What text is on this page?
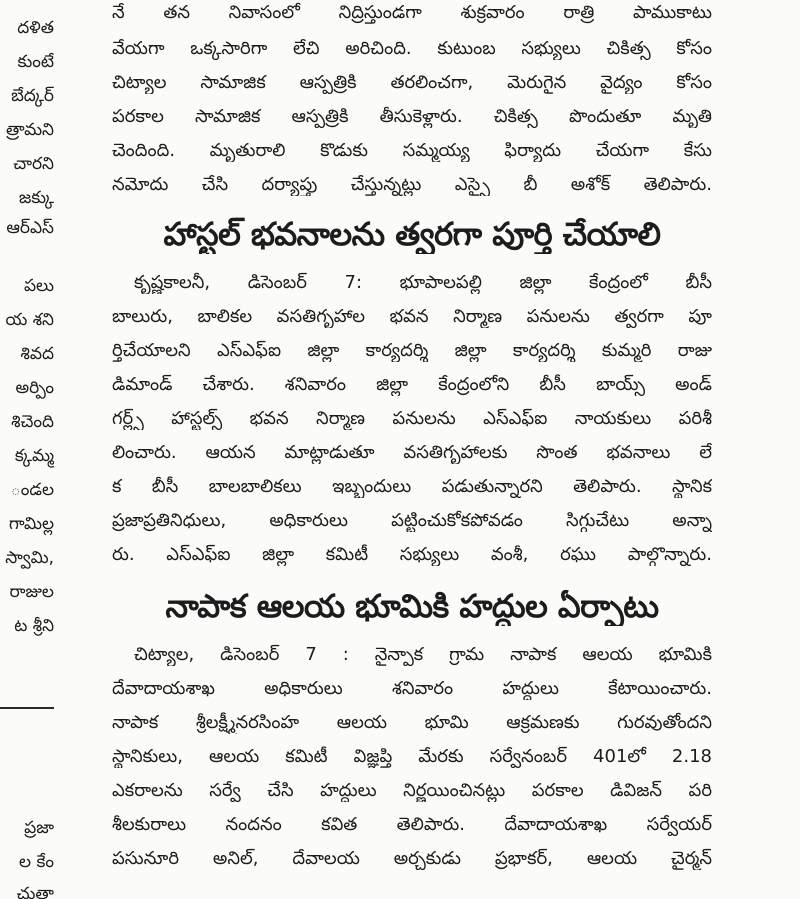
దళిత
కుంటే
బేద్కర్
త్రామని
చారని
జక్కు
ఆర్ఎస్
పలు
య శని
శివద
అర్పిం
శిచెంది
క్కమ్మ
ండల
గామిల్ల
స్వామి,
రాజుల
ట శ్రీని
ప్రజా
ల కేం
చుతా
నే తన నివాసంలో నిద్రిస్తుండగా శుక్రవారం రాత్రి పాముకాటు
వేయగా ఒక్కసారిగా లేచి అరిచింది. కుటుంబ సభ్యులు చికిత్స కోసం
చిట్యాల సామాజిక ఆస్పత్రికి తరలించగా, మెరుగైన వైద్యం కోసం
పరకాల సామాజిక ఆస్పత్రికి తీసుకెళ్లారు. చికిత్స పొందుతూ మృతి
చెందింది. మృతురాలి కొడుకు సమ్మయ్య ఫిర్యాదు చేయగా కేసు
నమోదు చేసి దర్యాప్తు చేస్తున్నట్లు ఎస్సై బీ అశోక్ తెలిపారు.
హాస్టల్ భవనాలను త్వరగా పూర్తి చేయాలి
కృష్ణకాలనీ, డిసెంబర్ 7: భూపాలపల్లి జిల్లా కేంద్రంలో బీసీ
బాలురు, బాలికల వసతిగృహాల భవన నిర్మాణ పనులను త్వరగా పూ
ర్తిచేయాలని ఎస్ఎఫ్ఐ జిల్లా కార్యదర్శి జిల్లా కార్యదర్శి కుమ్మరి రాజు
డిమాండ్ చేశారు. శనివారం జిల్లా కేంద్రంలోని బీసీ బాయ్స్ అండ్
గర్ల్స్ హాస్టల్స్ భవన నిర్మాణ పనులను ఎస్ఎఫ్ఐ నాయకులు పరిశీ
లించారు. ఆయన మాట్లాడుతూ వసతిగృహాలకు సొంత భవనాలు లే
క బీసీ బాలబాలికలు ఇబ్బందులు పడుతున్నారని తెలిపారు. స్థానిక
ప్రజాప్రతినిధులు, అధికారులు పట్టించుకోకపోవడం సిగ్గుచేటు అన్నా
రు. ఎస్ఎఫ్ఐ జిల్లా కమిటీ సభ్యులు వంశీ, రఘు పాల్గొన్నారు.
నాపాక ఆలయ భూమికి హద్దుల ఏర్పాటు
చిట్యాల, డిసెంబర్ 7 : నైన్పాక గ్రామ నాపాక ఆలయ భూమికి
దేవాదాయశాఖ అధికారులు శనివారం హద్దులు కేటాయించారు.
నాపాక శ్రీలక్ష్మీనరసింహ ఆలయ భూమి ఆక్రమణకు గురవుతోందని
స్థానికులు, ఆలయ కమిటీ విజ్ఞప్తి మేరకు సర్వేనంబర్ 401లో 2.18
ఎకరాలను సర్వే చేసి హద్దులు నిర్ణయించినట్లు పరకాల డివిజన్ పరి
శీలకురాలు నందనం కవిత తెలిపారు. దేవాదాయశాఖ సర్వేయర్
పసునూరి అనిల్, దేవాలయ అర్చకుడు ప్రభాకర్, ఆలయ చైర్మన్
